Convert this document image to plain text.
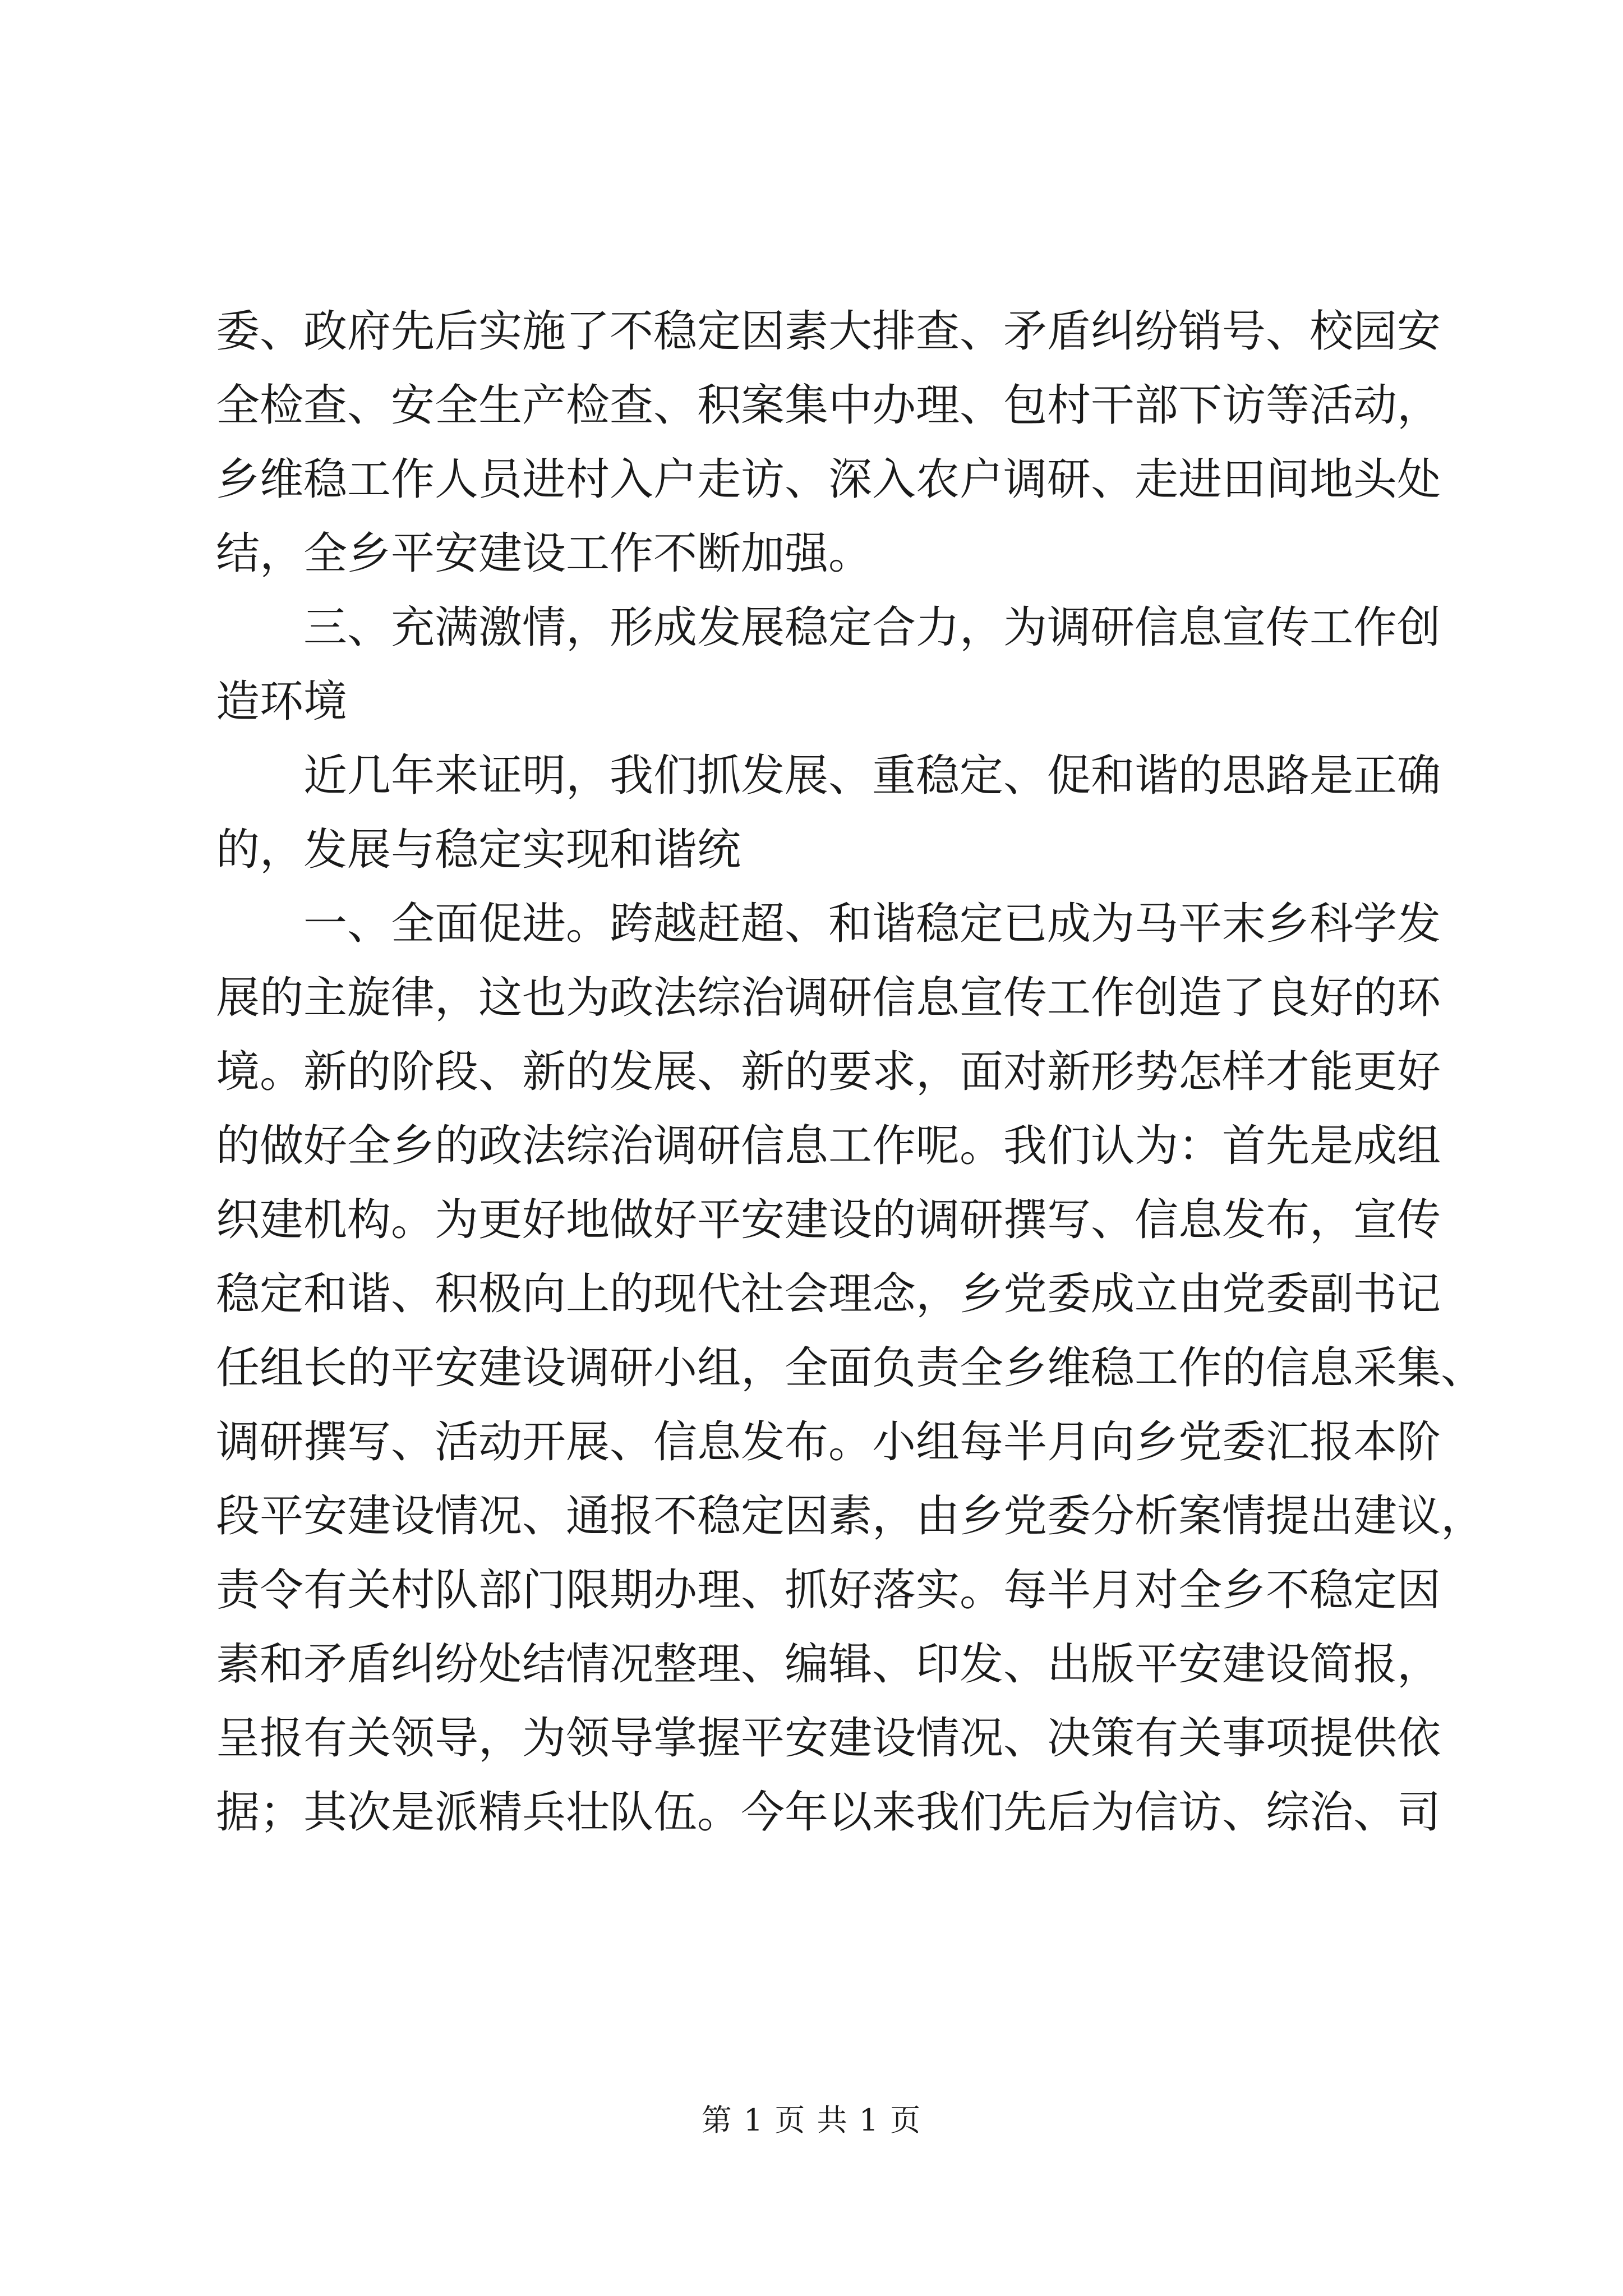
委、政府先后实施了不稳定因素大排查、矛盾纠纷销号、校园安
全检查、安全生产检查、积案集中办理、包村干部下访等活动，
乡维稳工作人员进村入户走访、深入农户调研、走进田间地头处
结，全乡平安建设工作不断加强。
三、充满激情，形成发展稳定合力，为调研信息宣传工作创
造环境
近几年来证明，我们抓发展、重稳定、促和谐的思路是正确
的，发展与稳定实现和谐统
一、全面促进。跨越赶超、和谐稳定已成为马平末乡科学发
展的主旋律，这也为政法综治调研信息宣传工作创造了良好的环
境。新的阶段、新的发展、新的要求，面对新形势怎样才能更好
的做好全乡的政法综治调研信息工作呢。我们认为：首先是成组
织建机构。为更好地做好平安建设的调研撰写、信息发布，宣传
稳定和谐、积极向上的现代社会理念，乡党委成立由党委副书记
任组长的平安建设调研小组，全面负责全乡维稳工作的信息采集、
调研撰写、活动开展、信息发布。小组每半月向乡党委汇报本阶
段平安建设情况、通报不稳定因素，由乡党委分析案情提出建议，
责令有关村队部门限期办理、抓好落实。每半月对全乡不稳定因
素和矛盾纠纷处结情况整理、编辑、印发、出版平安建设简报，
呈报有关领导，为领导掌握平安建设情况、决策有关事项提供依
据；其次是派精兵壮队伍。今年以来我们先后为信访、综治、司
第 1 页 共 1 页
